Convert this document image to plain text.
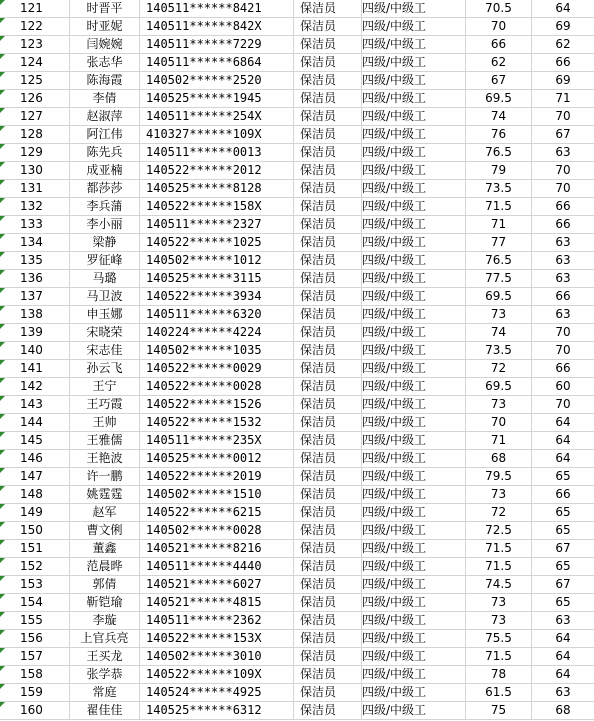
121	时晋平	140511******8421	保洁员	四级/中级工	70.5	64
122	时亚妮	140511******842X	保洁员	四级/中级工	70	69
123	闫婉婉	140511******7229	保洁员	四级/中级工	66	62
124	张志华	140511******6864	保洁员	四级/中级工	62	66
125	陈海霞	140502******2520	保洁员	四级/中级工	67	69
126	李倩	140525******1945	保洁员	四级/中级工	69.5	71
127	赵淑萍	140511******254X	保洁员	四级/中级工	74	70
128	阿江伟	410327******109X	保洁员	四级/中级工	76	67
129	陈先兵	140511******0013	保洁员	四级/中级工	76.5	63
130	成亚楠	140522******2012	保洁员	四级/中级工	79	70
131	都莎莎	140525******8128	保洁员	四级/中级工	73.5	70
132	李兵蒲	140522******158X	保洁员	四级/中级工	71.5	66
133	李小丽	140511******2327	保洁员	四级/中级工	71	66
134	梁静	140522******1025	保洁员	四级/中级工	77	63
135	罗征峰	140502******1012	保洁员	四级/中级工	76.5	63
136	马璐	140525******3115	保洁员	四级/中级工	77.5	63
137	马卫波	140522******3934	保洁员	四级/中级工	69.5	66
138	申玉娜	140511******6320	保洁员	四级/中级工	73	63
139	宋晓荣	140224******4224	保洁员	四级/中级工	74	70
140	宋志佳	140502******1035	保洁员	四级/中级工	73.5	70
141	孙云飞	140522******0029	保洁员	四级/中级工	72	66
142	王宁	140522******0028	保洁员	四级/中级工	69.5	60
143	王巧霞	140522******1526	保洁员	四级/中级工	73	70
144	王帅	140522******1532	保洁员	四级/中级工	70	64
145	王雅儒	140511******235X	保洁员	四级/中级工	71	64
146	王艳波	140525******0012	保洁员	四级/中级工	68	64
147	许一鹏	140522******2019	保洁员	四级/中级工	79.5	65
148	姚霆霆	140502******1510	保洁员	四级/中级工	73	66
149	赵军	140522******6215	保洁员	四级/中级工	72	65
150	曹文俐	140502******0028	保洁员	四级/中级工	72.5	65
151	董鑫	140521******8216	保洁员	四级/中级工	71.5	67
152	范晨晔	140511******4440	保洁员	四级/中级工	71.5	65
153	郭倩	140521******6027	保洁员	四级/中级工	74.5	67
154	靳铠瑜	140521******4815	保洁员	四级/中级工	73	65
155	李璇	140511******2362	保洁员	四级/中级工	73	63
156	上官兵亮	140522******153X	保洁员	四级/中级工	75.5	64
157	王买龙	140502******3010	保洁员	四级/中级工	71.5	64
158	张学恭	140522******109X	保洁员	四级/中级工	78	64
159	常庭	140524******4925	保洁员	四级/中级工	61.5	63
160	翟佳佳	140525******6312	保洁员	四级/中级工	75	68
